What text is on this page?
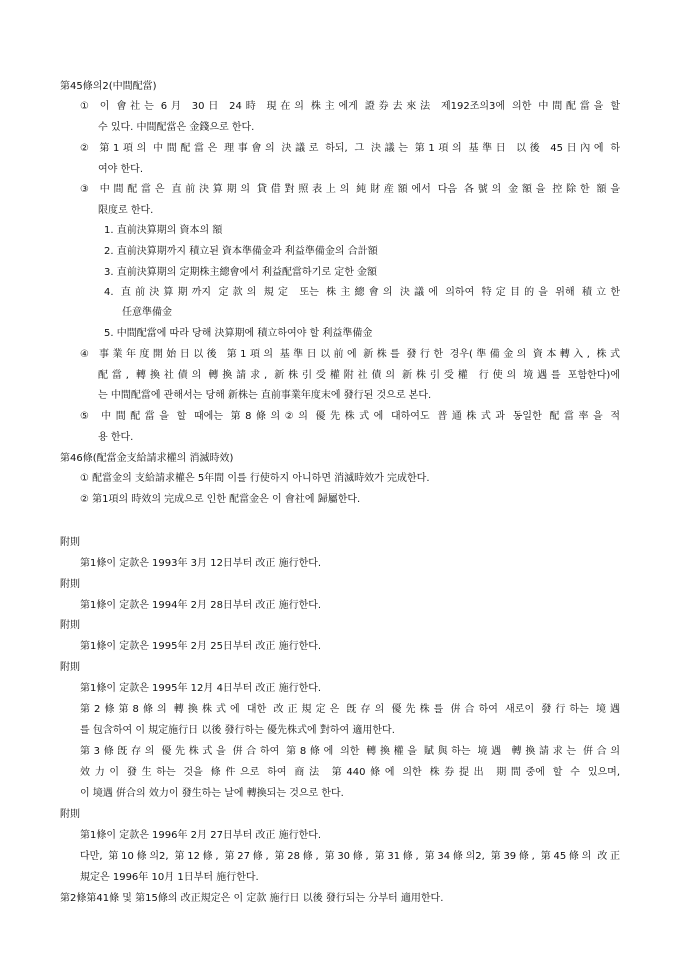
第45條의2(中間配當)
① 이 會社는 6月 30日 24時 現在의 株主에게 證券去來法 제192조의3에 의한 中間配當을 할
수 있다. 中間配當은 金錢으로 한다.
② 第1項의 中間配當은 理事會의 決議로 하되, 그 決議는 第1項의 基準日 以後 45日內에 하
여야 한다.
③ 中間配當은 直前決算期의 貸借對照表上의 純財産額에서 다음 各號의 金額을 控除한 額을
限度로 한다.
1. 直前決算期의 資本의 額
2. 直前決算期까지 積立된 資本準備金과 利益準備金의 合計額
3. 直前決算期의 定期株主總會에서 利益配當하기로 定한 金額
4. 直前決算期까지 定款의 規定 또는 株主總會의 決議에 의하여 特定目的을 위해 積立한
任意準備金
5. 中間配當에 따라 당해 決算期에 積立하여야 할 利益準備金
④ 事業年度開始日以後 第1項의 基準日以前에 新株를 發行한 경우(準備金의 資本轉入, 株式
配當, 轉換社債의 轉換請求, 新株引受權附社債의 新株引受權 行使의 境遇를 포함한다)에
는 中間配當에 관해서는 당해 新株는 直前事業年度末에 發行된 것으로 본다.
⑤ 中間配當을 할 때에는 第8條의②의 優先株式에 대하여도 普通株式과 동일한 配當率을 적
용 한다.
第46條(配當金支給請求權의 消滅時效)
① 配當金의 支給請求權은 5年間 이를 行使하지 아니하면 消滅時效가 完成한다.
② 第1項의 時效의 完成으로 인한 配當金은 이 會社에 歸屬한다.
附則
第1條이 定款은 1993年 3月 12日부터 改正 施行한다.
附則
第1條이 定款은 1994年 2月 28日부터 改正 施行한다.
附則
第1條이 定款은 1995年 2月 25日부터 改正 施行한다.
附則
第1條이 定款은 1995年 12月 4日부터 改正 施行한다.
第2條第8條의 轉換株式에 대한 改正規定은 旣存의 優先株를 倂合하여 새로이 發行하는 境遇
를 包含하여 이 規定施行日 以後 發行하는 優先株式에 對하여 適用한다.
第3條旣存의 優先株式을 倂合하여 第8條에 의한 轉換權을 賦與하는 境遇 轉換請求는 倂合의
效力이 發生하는 것을 條件으로 하여 商法 第440條에 의한 株券提出 期間중에 할 수 있으며,
이 境遇 倂合의 效力이 發生하는 날에 轉換되는 것으로 한다.
附則
第1條이 定款은 1996年 2月 27日부터 改正 施行한다.
다만, 第10條의2, 第12條, 第27條, 第28條, 第30條, 第31條, 第34條의2, 第39條, 第45條의 改正
規定은 1996年 10月 1日부터 施行한다.
第2條第41條 및 第15條의 改正規定은 이 定款 施行日 以後 發行되는 分부터 適用한다.
